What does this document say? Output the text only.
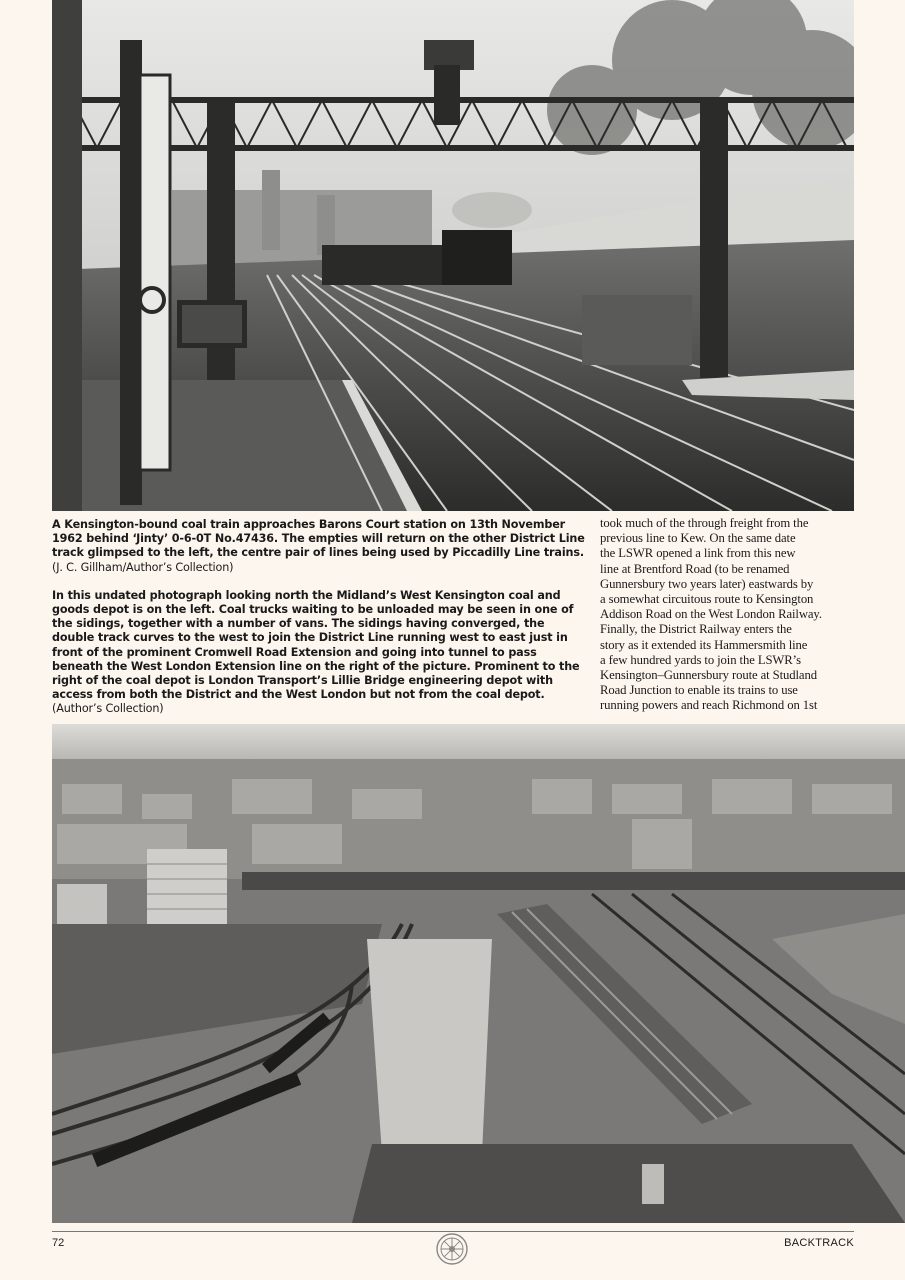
A Kensington-bound coal train approaches Barons Court station on 13th November 1962 behind ‘Jinty’ 0-6-0T No.47436. The empties will return on the other District Line track glimpsed to the left, the centre pair of lines being used by Piccadilly Line trains. (J. C. Gillham/Author’s Collection)

In this undated photograph looking north the Midland’s West Kensington coal and goods depot is on the left. Coal trucks waiting to be unloaded may be seen in one of the sidings, together with a number of vans. The sidings having converged, the double track curves to the west to join the District Line running west to east just in front of the prominent Cromwell Road Extension and going into tunnel to pass beneath the West London Extension line on the right of the picture. Prominent to the right of the coal depot is London Transport’s Lillie Bridge engineering depot with access from both the District and the West London but not from the coal depot. (Author’s Collection)

took much of the through freight from the
previous line to Kew. On the same date
the LSWR opened a link from this new
line at Brentford Road (to be renamed
Gunnersbury two years later) eastwards by
a somewhat circuitous route to Kensington
Addison Road on the West London Railway.
Finally, the District Railway enters the
story as it extended its Hammersmith line
a few hundred yards to join the LSWR’s
Kensington–Gunnersbury route at Studland
Road Junction to enable its trains to use
running powers and reach Richmond on 1st
72	BACKTRACK
